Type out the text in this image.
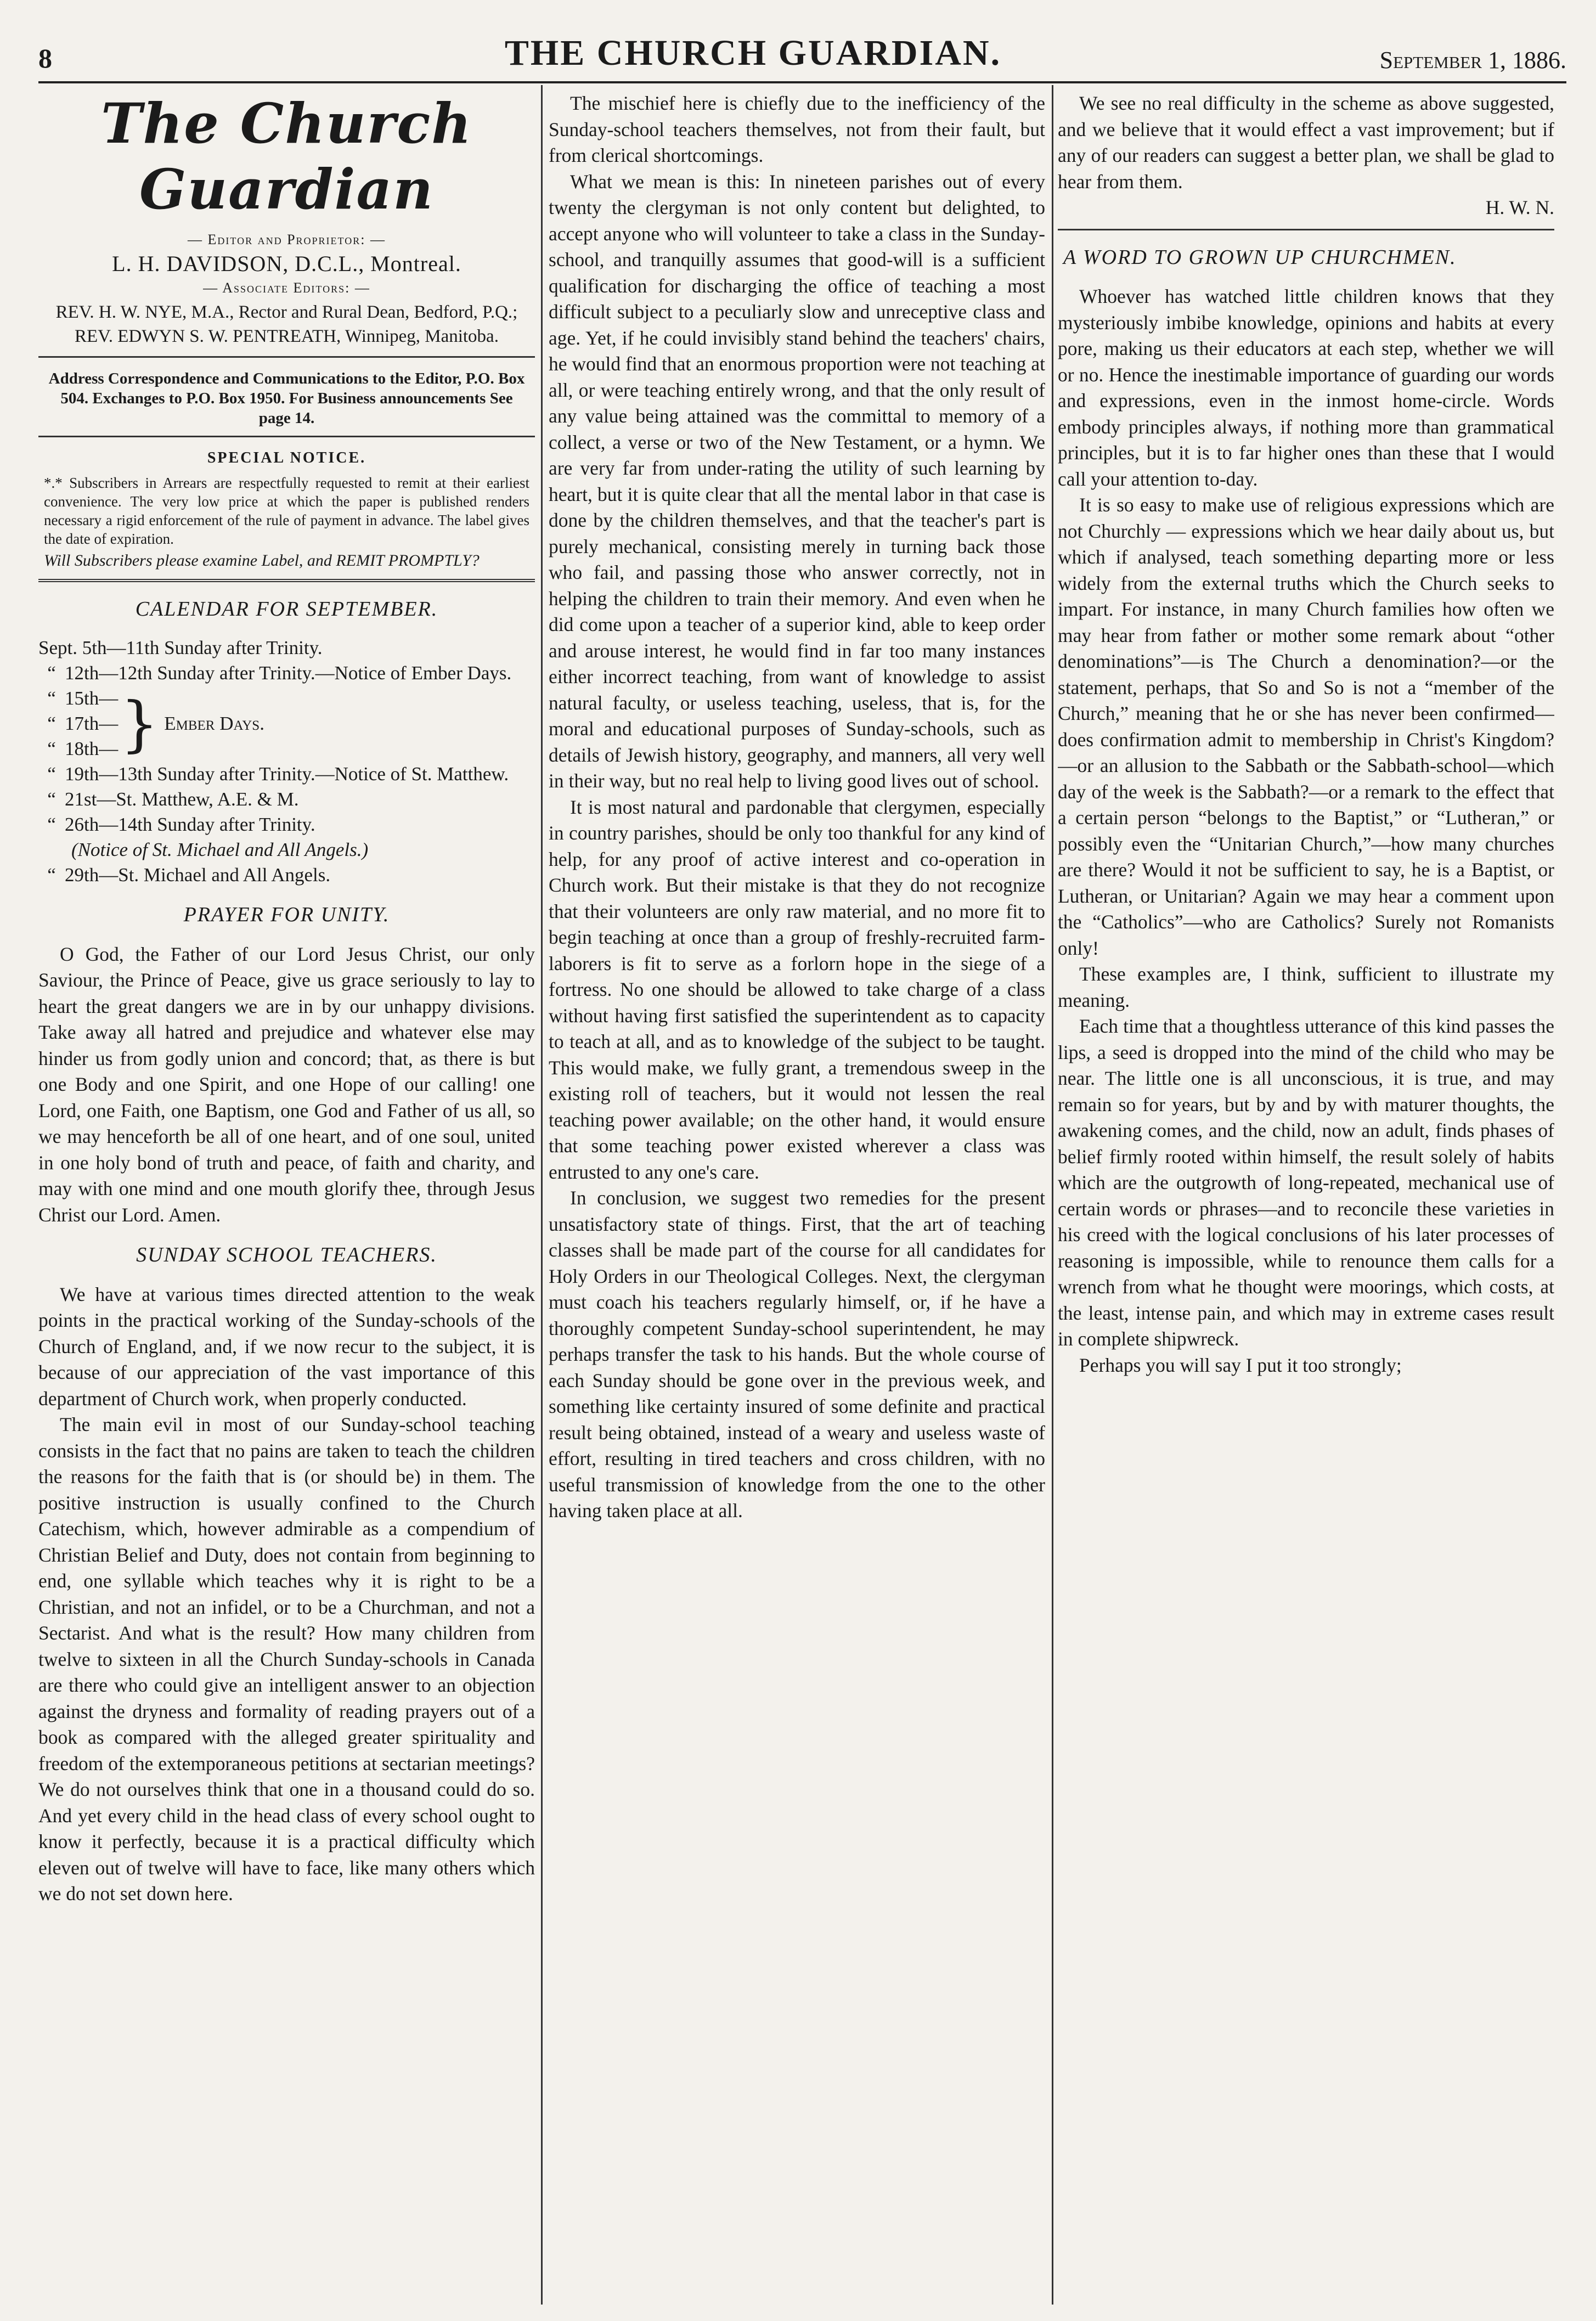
8	THE CHURCH GUARDIAN.	September 1, 1886.
The Church Guardian
— Editor and Proprietor: —
L. H. DAVIDSON, D.C.L., Montreal.
— Associate Editors: —
REV. H. W. NYE, M.A., Rector and Rural Dean, Bedford, P.Q.; REV. EDWYN S. W. PENTREATH, Winnipeg, Manitoba.
Address Correspondence and Communications to the Editor, P.O. Box 504. Exchanges to P.O. Box 1950. For Business announcements See page 14.
SPECIAL NOTICE.
*.* Subscribers in Arrears are respectfully requested to remit at their earliest convenience. The very low price at which the paper is published renders necessary a rigid enforcement of the rule of payment in advance. The label gives the date of expiration.
Will Subscribers please examine Label, and REMIT PROMPTLY?
CALENDAR FOR SEPTEMBER.
Sept. 5th—11th Sunday after Trinity.
“ 12th—12th Sunday after Trinity.—Notice of Ember Days.
“ 15th—
“ 17th—
“ 18th— } Ember Days.
“ 19th—13th Sunday after Trinity.—Notice of St. Matthew.
“ 21st—St. Matthew, A.E. & M.
“ 26th—14th Sunday after Trinity.
(Notice of St. Michael and All Angels.)
“ 29th—St. Michael and All Angels.
PRAYER FOR UNITY.

O God, the Father of our Lord Jesus Christ, our only Saviour, the Prince of Peace, give us grace seriously to lay to heart the great dangers we are in by our unhappy divisions. Take away all hatred and prejudice and whatever else may hinder us from godly union and concord; that, as there is but one Body and one Spirit, and one Hope of our calling! one Lord, one Faith, one Baptism, one God and Father of us all, so we may henceforth be all of one heart, and of one soul, united in one holy bond of truth and peace, of faith and charity, and may with one mind and one mouth glorify thee, through Jesus Christ our Lord. Amen.

SUNDAY SCHOOL TEACHERS.

We have at various times directed attention to the weak points in the practical working of the Sunday-schools of the Church of England, and, if we now recur to the subject, it is because of our appreciation of the vast importance of this department of Church work, when properly conducted.

The main evil in most of our Sunday-school teaching consists in the fact that no pains are taken to teach the children the reasons for the faith that is (or should be) in them. The positive instruction is usually confined to the Church Catechism, which, however admirable as a compendium of Christian Belief and Duty, does not contain from beginning to end, one syllable which teaches why it is right to be a Christian, and not an infidel, or to be a Churchman, and not a Sectarist. And what is the result? How many children from twelve to sixteen in all the Church Sunday-schools in Canada are there who could give an intelligent answer to an objection against the dryness and formality of reading prayers out of a book as compared with the alleged greater spirituality and freedom of the extemporaneous petitions at sectarian meetings? We do not ourselves think that one in a thousand could do so. And yet every child in the head class of every school ought to know it perfectly, because it is a practical difficulty which eleven out of twelve will have to face, like many others which we do not set down here.

The mischief here is chiefly due to the inefficiency of the Sunday-school teachers themselves, not from their fault, but from clerical shortcomings.

What we mean is this: In nineteen parishes out of every twenty the clergyman is not only content but delighted, to accept anyone who will volunteer to take a class in the Sunday-school, and tranquilly assumes that good-will is a sufficient qualification for discharging the office of teaching a most difficult subject to a peculiarly slow and unreceptive class and age. Yet, if he could invisibly stand behind the teachers' chairs, he would find that an enormous proportion were not teaching at all, or were teaching entirely wrong, and that the only result of any value being attained was the committal to memory of a collect, a verse or two of the New Testament, or a hymn. We are very far from under-rating the utility of such learning by heart, but it is quite clear that all the mental labor in that case is done by the children themselves, and that the teacher's part is purely mechanical, consisting merely in turning back those who fail, and passing those who answer correctly, not in helping the children to train their memory. And even when he did come upon a teacher of a superior kind, able to keep order and arouse interest, he would find in far too many instances either incorrect teaching, from want of knowledge to assist natural faculty, or useless teaching, useless, that is, for the moral and educational purposes of Sunday-schools, such as details of Jewish history, geography, and manners, all very well in their way, but no real help to living good lives out of school.

It is most natural and pardonable that clergymen, especially in country parishes, should be only too thankful for any kind of help, for any proof of active interest and co-operation in Church work. But their mistake is that they do not recognize that their volunteers are only raw material, and no more fit to begin teaching at once than a group of freshly-recruited farm-laborers is fit to serve as a forlorn hope in the siege of a fortress. No one should be allowed to take charge of a class without having first satisfied the superintendent as to capacity to teach at all, and as to knowledge of the subject to be taught. This would make, we fully grant, a tremendous sweep in the existing roll of teachers, but it would not lessen the real teaching power available; on the other hand, it would ensure that some teaching power existed wherever a class was entrusted to any one's care.

In conclusion, we suggest two remedies for the present unsatisfactory state of things. First, that the art of teaching classes shall be made part of the course for all candidates for Holy Orders in our Theological Colleges. Next, the clergyman must coach his teachers regularly himself, or, if he have a thoroughly competent Sunday-school superintendent, he may perhaps transfer the task to his hands. But the whole course of each Sunday should be gone over in the previous week, and something like certainty insured of some definite and practical result being obtained, instead of a weary and useless waste of effort, resulting in tired teachers and cross children, with no useful transmission of knowledge from the one to the other having taken place at all.

We see no real difficulty in the scheme as above suggested, and we believe that it would effect a vast improvement; but if any of our readers can suggest a better plan, we shall be glad to hear from them.

H. W. N.

A WORD TO GROWN UP CHURCHMEN.

Whoever has watched little children knows that they mysteriously imbibe knowledge, opinions and habits at every pore, making us their educators at each step, whether we will or no. Hence the inestimable importance of guarding our words and expressions, even in the inmost home-circle. Words embody principles always, if nothing more than grammatical principles, but it is to far higher ones than these that I would call your attention to-day.

It is so easy to make use of religious expressions which are not Churchly — expressions which we hear daily about us, but which if analysed, teach something departing more or less widely from the external truths which the Church seeks to impart. For instance, in many Church families how often we may hear from father or mother some remark about “other denominations”—is The Church a denomination?—or the statement, perhaps, that So and So is not a “member of the Church,” meaning that he or she has never been confirmed—does confirmation admit to membership in Christ's Kingdom?—or an allusion to the Sabbath or the Sabbath-school—which day of the week is the Sabbath?—or a remark to the effect that a certain person “belongs to the Baptist,” or “Lutheran,” or possibly even the “Unitarian Church,”—how many churches are there? Would it not be sufficient to say, he is a Baptist, or Lutheran, or Unitarian? Again we may hear a comment upon the “Catholics”—who are Catholics? Surely not Romanists only!

These examples are, I think, sufficient to illustrate my meaning.

Each time that a thoughtless utterance of this kind passes the lips, a seed is dropped into the mind of the child who may be near. The little one is all unconscious, it is true, and may remain so for years, but by and by with maturer thoughts, the awakening comes, and the child, now an adult, finds phases of belief firmly rooted within himself, the result solely of habits which are the outgrowth of long-repeated, mechanical use of certain words or phrases—and to reconcile these varieties in his creed with the logical conclusions of his later processes of reasoning is impossible, while to renounce them calls for a wrench from what he thought were moorings, which costs, at the least, intense pain, and which may in extreme cases result in complete shipwreck.

Perhaps you will say I put it too strongly;
